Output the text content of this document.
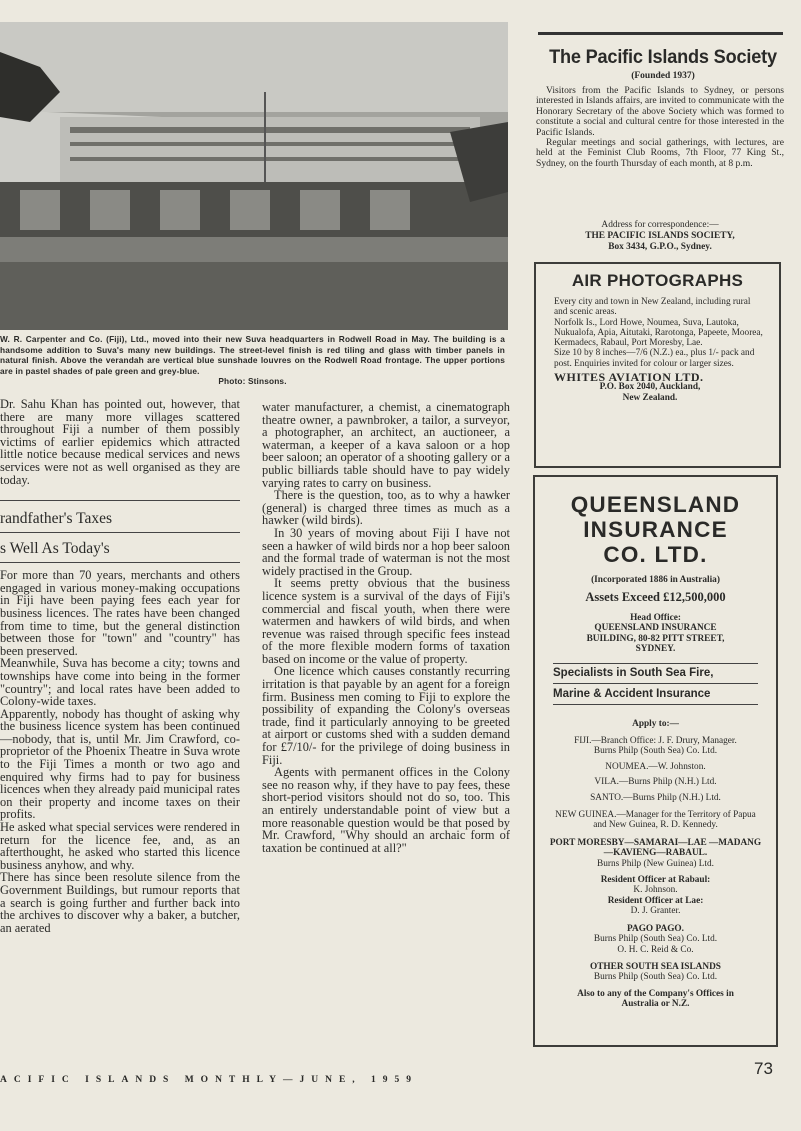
W. R. Carpenter and Co. (Fiji), Ltd., moved into their new Suva headquarters in Rodwell Road in May. The building is a handsome addition to Suva's many new buildings. The street-level finish is red tiling and glass with timber panels in natural finish. Above the verandah are vertical blue sunshade louvres on the Rodwell Road frontage. The upper portions are in pastel shades of pale green and grey-blue.
Photo: Stinsons.

Dr. Sahu Khan has pointed out, however, that there are many more villages scattered throughout Fiji a number of them possibly victims of earlier epidemics which attracted little notice because medical services and news services were not as well organised as they are today.

randfather's Taxes

s Well As Today's

For more than 70 years, merchants and others engaged in various money-making occupations in Fiji have been paying fees each year for business licences. The rates have been changed from time to time, but the general distinction between those for "town" and "country" has been preserved.

Meanwhile, Suva has become a city; towns and townships have come into being in the former "country"; and local rates have been added to Colony-wide taxes.

Apparently, nobody has thought of asking why the business licence system has been continued—nobody, that is, until Mr. Jim Crawford, co-proprietor of the Phoenix Theatre in Suva wrote to the Fiji Times a month or two ago and enquired why firms had to pay for business licences when they already paid municipal rates on their property and income taxes on their profits.

He asked what special services were rendered in return for the licence fee, and, as an afterthought, he asked who started this licence business anyhow, and why.

There has since been resolute silence from the Government Buildings, but rumour reports that a search is going further and further back into the archives to discover why a baker, a butcher, an aerated

water manufacturer, a chemist, a cinematograph theatre owner, a pawnbroker, a tailor, a surveyor, a photographer, an architect, an auctioneer, a waterman, a keeper of a kava saloon or a hop beer saloon; an operator of a shooting gallery or a public billiards table should have to pay widely varying rates to carry on business.

There is the question, too, as to why a hawker (general) is charged three times as much as a hawker (wild birds).

In 30 years of moving about Fiji I have not seen a hawker of wild birds nor a hop beer saloon and the formal trade of waterman is not the most widely practised in the Group.

It seems pretty obvious that the business licence system is a survival of the days of Fiji's commercial and fiscal youth, when there were watermen and hawkers of wild birds, and when revenue was raised through specific fees instead of the more flexible modern forms of taxation based on income or the value of property.

One licence which causes constantly recurring irritation is that payable by an agent for a foreign firm. Business men coming to Fiji to explore the possibility of expanding the Colony's overseas trade, find it particularly annoying to be greeted at airport or customs shed with a sudden demand for £7/10/- for the privilege of doing business in Fiji.

Agents with permanent offices in the Colony see no reason why, if they have to pay fees, these short-period visitors should not do so, too. This an entirely understandable point of view but a more reasonable question would be that posed by Mr. Crawford, "Why should an archaic form of taxation be continued at all?"

The Pacific Islands Society
(Founded 1937)

Visitors from the Pacific Islands to Sydney, or persons interested in Islands affairs, are invited to communicate with the Honorary Secretary of the above Society which was formed to constitute a social and cultural centre for those interested in the Pacific Islands.

Regular meetings and social gatherings, with lectures, are held at the Feminist Club Rooms, 7th Floor, 77 King St., Sydney, on the fourth Thursday of each month, at 8 p.m.

Address for correspondence:—
THE PACIFIC ISLANDS SOCIETY,
Box 3434, G.P.O., Sydney.
AIR PHOTOGRAPHS

Every city and town in New Zealand, including rural and scenic areas.

Norfolk Is., Lord Howe, Noumea, Suva, Lautoka, Nukualofa, Apia, Aitutaki, Rarotonga, Papeete, Moorea, Kermadecs, Rabaul, Port Moresby, Lae.

Size 10 by 8 inches—7/6 (N.Z.) ea., plus 1/- pack and post. Enquiries invited for colour or larger sizes.

WHITES AVIATION LTD.

P.O. Box 2040, Auckland,

New Zealand.

QUEENSLAND
INSURANCE
CO. LTD.
(Incorporated 1886 in Australia)
Assets Exceed £12,500,000
Head Office:
QUEENSLAND INSURANCE
BUILDING, 80-82 PITT STREET,
SYDNEY.
Specialists in South Sea Fire,
Marine & Accident Insurance
Apply to:—
FIJI.—Branch Office: J. F. Drury, Manager.
Burns Philp (South Sea) Co. Ltd.
NOUMEA.—W. Johnston.
VILA.—Burns Philp (N.H.) Ltd.
SANTO.—Burns Philp (N.H.) Ltd.
NEW GUINEA.—Manager for the Territory of Papua and New Guinea, R. D. Kennedy.
PORT MORESBY—SAMARAI—LAE —MADANG—KAVIENG—RABAUL.
Burns Philp (New Guinea) Ltd.
Resident Officer at Rabaul:
K. Johnson.
Resident Officer at Lae:
D. J. Granter.
PAGO PAGO.
Burns Philp (South Sea) Co. Ltd.
O. H. C. Reid & Co.
OTHER SOUTH SEA ISLANDS
Burns Philp (South Sea) Co. Ltd.
Also to any of the Company's Offices in Australia or N.Z.
ACIFIC ISLANDS MONTHLY—JUNE, 1959
73
